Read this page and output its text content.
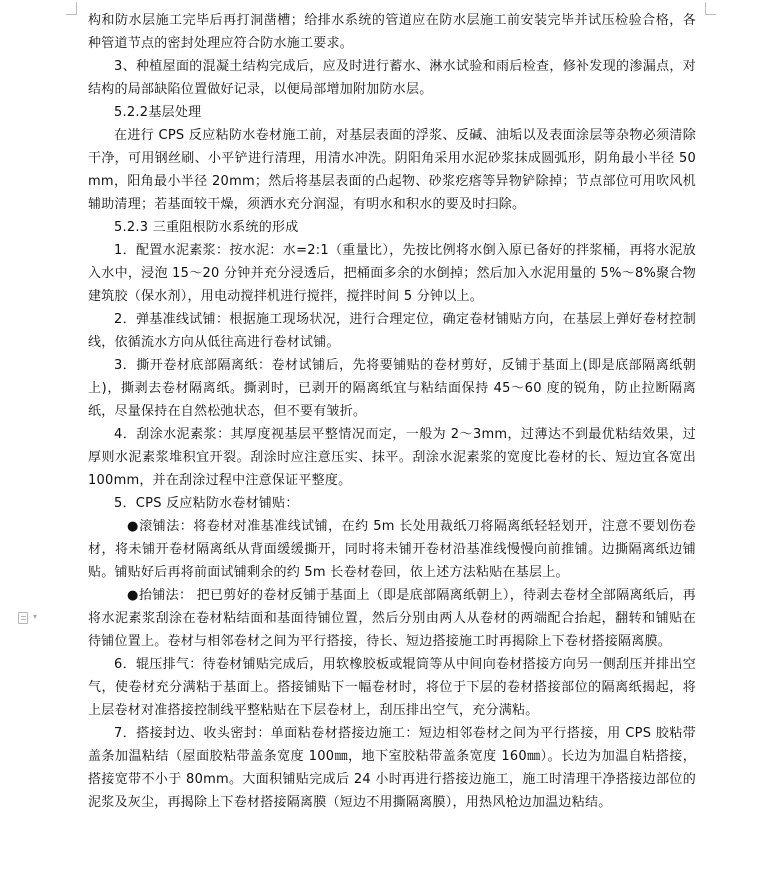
▾

构和防水层施工完毕后再打洞凿槽；给排水系统的管道应在防水层施工前安装完毕并试压检验合格，各种管道节点的密封处理应符合防水施工要求。

3、种植屋面的混凝土结构完成后，应及时进行蓄水、淋水试验和雨后检查，修补发现的渗漏点，对结构的局部缺陷位置做好记录，以便局部增加附加防水层。

5.2.2基层处理

在进行 CPS 反应粘防水卷材施工前，对基层表面的浮浆、反碱、油垢以及表面涂层等杂物必须清除干净，可用钢丝刷、小平铲进行清理，用清水冲洗。阴阳角采用水泥砂浆抹成圆弧形，阴角最小半径 50mm，阳角最小半径 20mm；然后将基层表面的凸起物、砂浆疙瘩等异物铲除掉；节点部位可用吹风机辅助清理；若基面较干燥，须洒水充分润湿，有明水和积水的要及时扫除。

5.2.3 三重阻根防水系统的形成

1．配置水泥素浆：按水泥：水=2:1（重量比），先按比例将水倒入原已备好的拌浆桶，再将水泥放入水中，浸泡 15～20 分钟并充分浸透后，把桶面多余的水倒掉；然后加入水泥用量的 5%～8%聚合物建筑胶（保水剂），用电动搅拌机进行搅拌，搅拌时间 5 分钟以上。

2．弹基准线试铺：根据施工现场状况，进行合理定位，确定卷材铺贴方向，在基层上弹好卷材控制线，依循流水方向从低往高进行卷材试铺。

3．撕开卷材底部隔离纸：卷材试铺后，先将要铺贴的卷材剪好，反铺于基面上(即是底部隔离纸朝上)，撕剥去卷材隔离纸。撕剥时，已剥开的隔离纸宜与粘结面保持 45～60 度的锐角，防止拉断隔离纸，尽量保持在自然松弛状态，但不要有皱折。

4．刮涂水泥素浆：其厚度视基层平整情况而定，一般为 2～3mm，过薄达不到最优粘结效果，过厚则水泥素浆堆积宜开裂。刮涂时应注意压实、抹平。刮涂水泥素浆的宽度比卷材的长、短边宜各宽出 100mm，并在刮涂过程中注意保证平整度。

5．CPS 反应粘防水卷材铺贴：

●滚铺法：将卷材对准基准线试铺，在约 5m 长处用裁纸刀将隔离纸轻轻划开，注意不要划伤卷材，将未铺开卷材隔离纸从背面缓缓撕开，同时将未铺开卷材沿基准线慢慢向前推铺。边撕隔离纸边铺贴。铺贴好后再将前面试铺剩余的约 5m 长卷材卷回，依上述方法粘贴在基层上。

●抬铺法： 把已剪好的卷材反铺于基面上（即是底部隔离纸朝上），待剥去卷材全部隔离纸后，再将水泥素浆刮涂在卷材粘结面和基面待铺位置，然后分别由两人从卷材的两端配合抬起，翻转和铺贴在待铺位置上。卷材与相邻卷材之间为平行搭接，待长、短边搭接施工时再揭除上下卷材搭接隔离膜。

6．辊压排气：待卷材铺贴完成后，用软橡胶板或辊筒等从中间向卷材搭接方向另一侧刮压并排出空气，使卷材充分满粘于基面上。搭接铺贴下一幅卷材时，将位于下层的卷材搭接部位的隔离纸揭起，将上层卷材对准搭接控制线平整粘贴在下层卷材上，刮压排出空气，充分满粘。

7．搭接封边、收头密封：单面粘卷材搭接边施工：短边相邻卷材之间为平行搭接，用 CPS 胶粘带盖条加温粘结（屋面胶粘带盖条宽度 100㎜，地下室胶粘带盖条宽度 160㎜）。长边为加温自粘搭接，搭接宽带不小于 80mm。大面积铺贴完成后 24 小时再进行搭接边施工，施工时清理干净搭接边部位的泥浆及灰尘，再揭除上下卷材搭接隔离膜（短边不用撕隔离膜），用热风枪边加温边粘结。
